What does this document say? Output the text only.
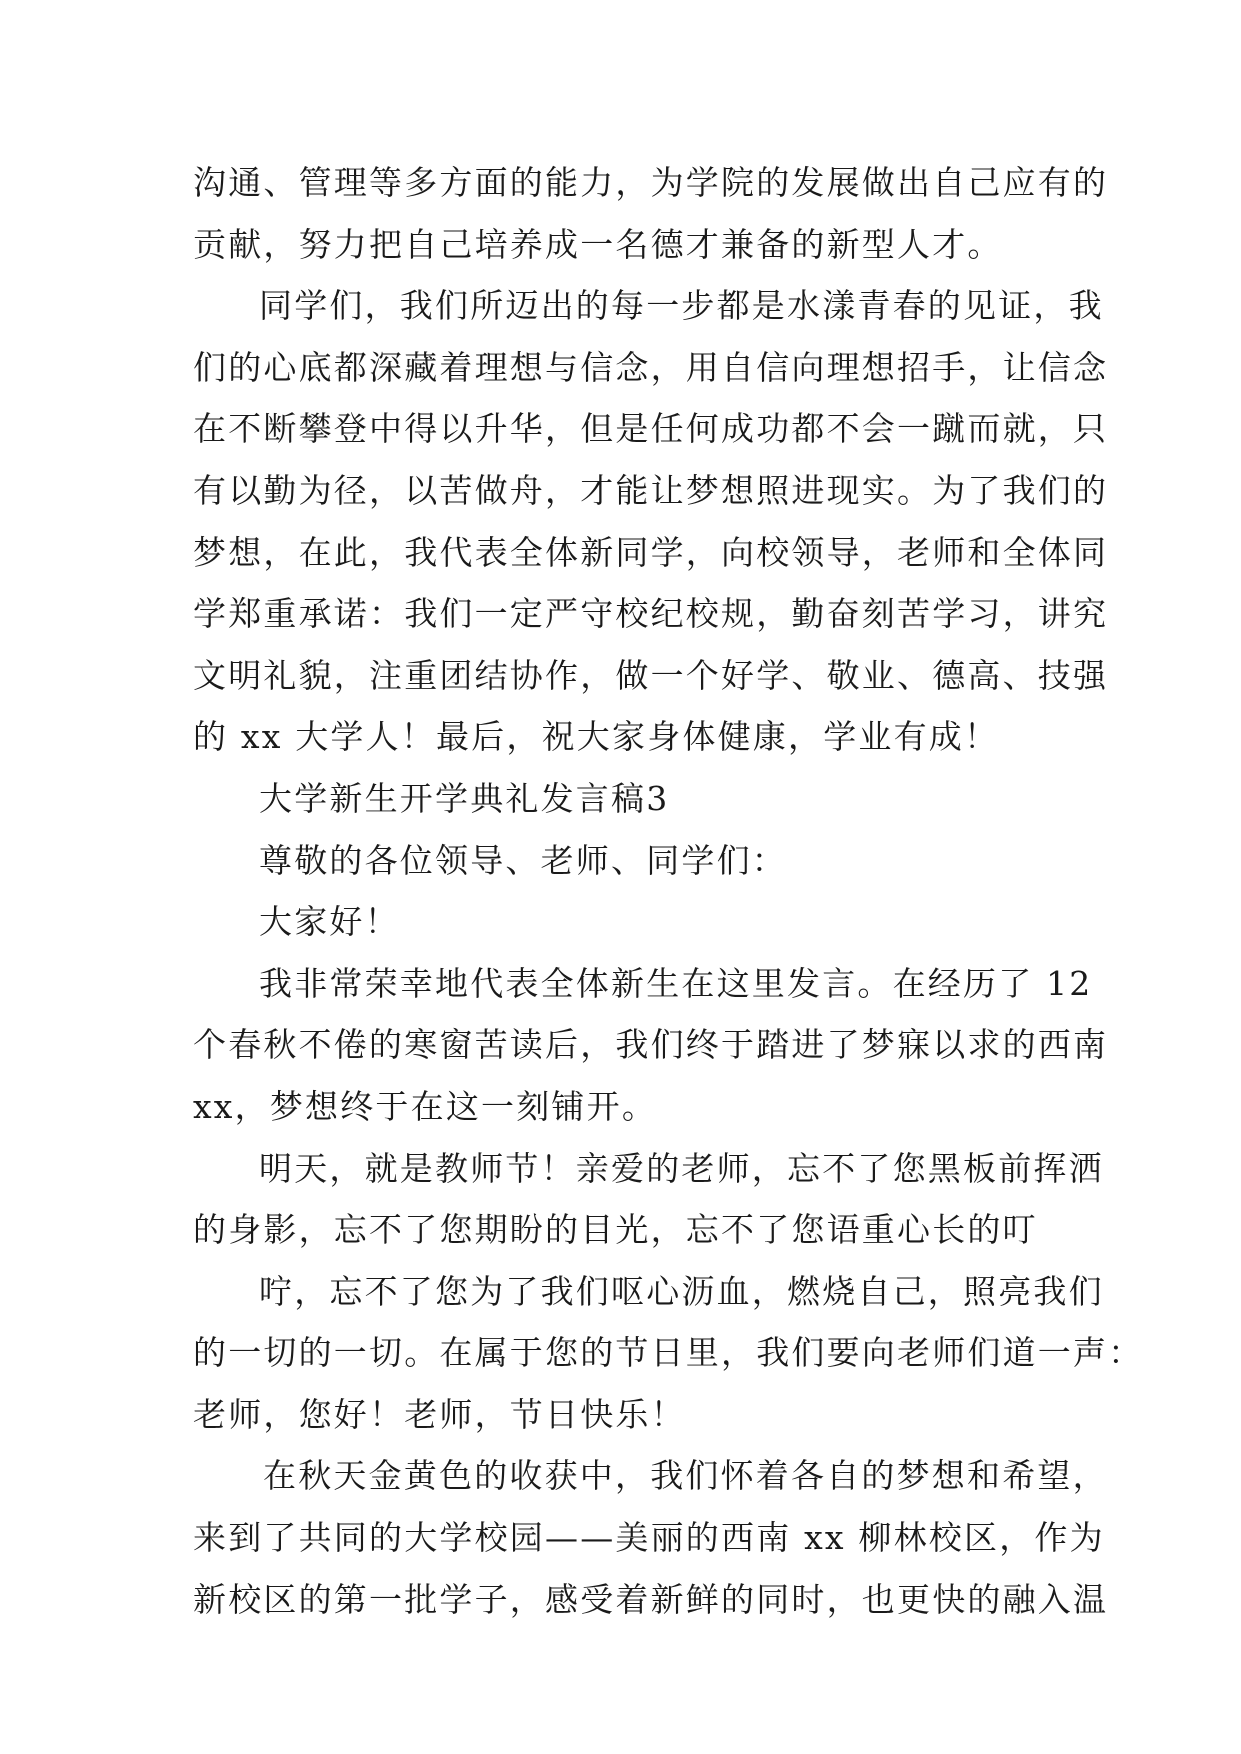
沟通、管理等多方面的能力，为学院的发展做出自己应有的
贡献，努力把自己培养成一名德才兼备的新型人才。
同学们，我们所迈出的每一步都是水漾青春的见证，我
们的心底都深藏着理想与信念，用自信向理想招手，让信念
在不断攀登中得以升华，但是任何成功都不会一蹴而就，只
有以勤为径，以苦做舟，才能让梦想照进现实。为了我们的
梦想，在此，我代表全体新同学，向校领导，老师和全体同
学郑重承诺：我们一定严守校纪校规，勤奋刻苦学习，讲究
文明礼貌，注重团结协作，做一个好学、敬业、德高、技强
的 xx 大学人！最后，祝大家身体健康，学业有成！
大学新生开学典礼发言稿3
尊敬的各位领导、老师、同学们：
大家好！
我非常荣幸地代表全体新生在这里发言。在经历了 12
个春秋不倦的寒窗苦读后，我们终于踏进了梦寐以求的西南
xx，梦想终于在这一刻铺开。
明天，就是教师节！亲爱的老师，忘不了您黑板前挥洒
的身影，忘不了您期盼的目光，忘不了您语重心长的叮
咛，忘不了您为了我们呕心沥血，燃烧自己，照亮我们
的一切的一切。在属于您的节日里，我们要向老师们道一声：
老师，您好！老师，节日快乐！
在秋天金黄色的收获中，我们怀着各自的梦想和希望，
来到了共同的大学校园——美丽的西南 xx 柳林校区，作为
新校区的第一批学子，感受着新鲜的同时，也更快的融入温
